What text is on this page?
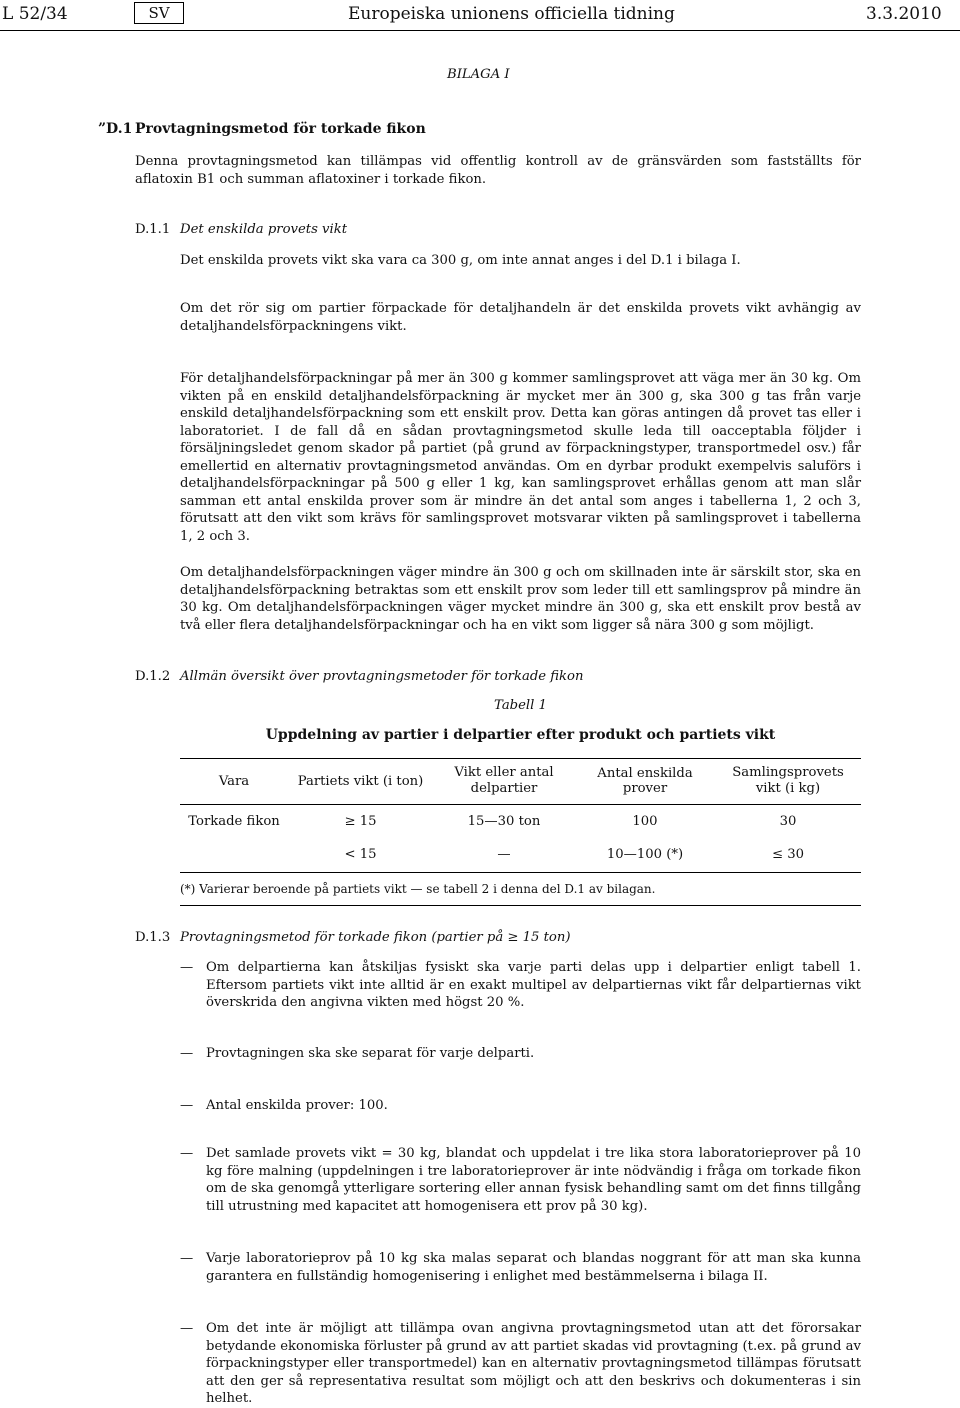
L 52/34	SV	Europeiska unionens officiella tidning	3.3.2010
BILAGA I
”D.1 Provtagningsmetod för torkade fikon
Denna provtagningsmetod kan tillämpas vid offentlig kontroll av de gränsvärden som fastställts för aflatoxin B1 och summan aflatoxiner i torkade fikon.
D.1.1 Det enskilda provets vikt
Det enskilda provets vikt ska vara ca 300 g, om inte annat anges i del D.1 i bilaga I.
Om det rör sig om partier förpackade för detaljhandeln är det enskilda provets vikt avhängig av detaljhandelsförpackningens vikt.
För detaljhandelsförpackningar på mer än 300 g kommer samlingsprovet att väga mer än 30 kg. Om vikten på en enskild detaljhandelsförpackning är mycket mer än 300 g, ska 300 g tas från varje enskild detaljhandelsförpackning som ett enskilt prov. Detta kan göras antingen då provet tas eller i laboratoriet. I de fall då en sådan provtagningsmetod skulle leda till oacceptabla följder i försäljningsledet genom skador på partiet (på grund av förpackningstyper, transportmedel osv.) får emellertid en alternativ provtagningsmetod användas. Om en dyrbar produkt exempelvis saluförs i detaljhandelsförpackningar på 500 g eller 1 kg, kan samlingsprovet erhållas genom att man slår samman ett antal enskilda prover som är mindre än det antal som anges i tabellerna 1, 2 och 3, förutsatt att den vikt som krävs för samlingsprovet motsvarar vikten på samlingsprovet i tabellerna 1, 2 och 3.
Om detaljhandelsförpackningen väger mindre än 300 g och om skillnaden inte är särskilt stor, ska en detaljhandelsförpackning betraktas som ett enskilt prov som leder till ett samlingsprov på mindre än 30 kg. Om detaljhandelsförpackningen väger mycket mindre än 300 g, ska ett enskilt prov bestå av två eller flera detaljhandelsförpackningar och ha en vikt som ligger så nära 300 g som möjligt.
D.1.2 Allmän översikt över provtagningsmetoder för torkade fikon
Tabell 1
Uppdelning av partier i delpartier efter produkt och partiets vikt
Vara	Partiets vikt (i ton)	Vikt eller antal delpartier	Antal enskilda prover	Samlingsprovets vikt (i kg)
Torkade fikon	≥ 15	15—30 ton	100	30
	< 15	—	10—100 (*)	≤ 30
(*) Varierar beroende på partiets vikt — se tabell 2 i denna del D.1 av bilagan.
D.1.3 Provtagningsmetod för torkade fikon (partier på ≥ 15 ton)
— Om delpartierna kan åtskiljas fysiskt ska varje parti delas upp i delpartier enligt tabell 1. Eftersom partiets vikt inte alltid är en exakt multipel av delpartiernas vikt får delpartiernas vikt överskrida den angivna vikten med högst 20 %.
— Provtagningen ska ske separat för varje delparti.
— Antal enskilda prover: 100.
— Det samlade provets vikt = 30 kg, blandat och uppdelat i tre lika stora laboratorieprover på 10 kg före malning (uppdelningen i tre laboratorieprover är inte nödvändig i fråga om torkade fikon om de ska genomgå ytterligare sortering eller annan fysisk behandling samt om det finns tillgång till utrustning med kapacitet att homogenisera ett prov på 30 kg).
— Varje laboratorieprov på 10 kg ska malas separat och blandas noggrant för att man ska kunna garantera en fullständig homogenisering i enlighet med bestämmelserna i bilaga II.
— Om det inte är möjligt att tillämpa ovan angivna provtagningsmetod utan att det förorsakar betydande ekonomiska förluster på grund av att partiet skadas vid provtagning (t.ex. på grund av förpackningstyper eller transportmedel) kan en alternativ provtagningsmetod tillämpas förutsatt att den ger så representativa resultat som möjligt och att den beskrivs och dokumenteras i sin helhet.
